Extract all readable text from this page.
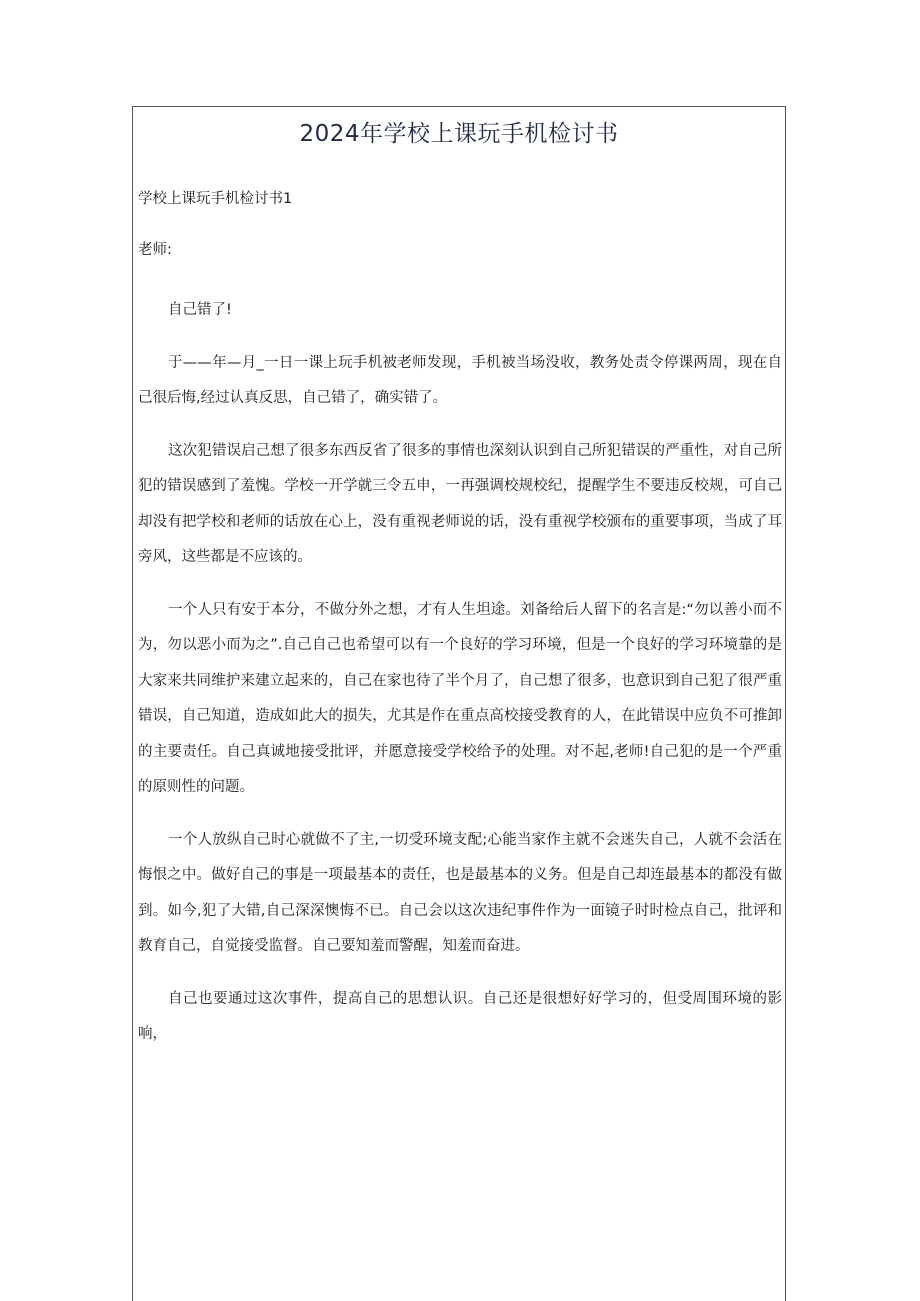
2024年学校上课玩手机检讨书

学校上课玩手机检讨书1

老师:

自己错了!

于——年—月_一日一课上玩手机被老师发现，手机被当场没收，教务处责令停课两周，现在自己很后悔,经过认真反思，自己错了，确实错了。

这次犯错误启己想了很多东西反省了很多的事情也深刻认识到自己所犯错误的严重性，对自己所犯的错误感到了羞愧。学校一开学就三令五申，一再强调校规校纪，提醒学生不要违反校规，可自己却没有把学校和老师的话放在心上，没有重视老师说的话，没有重视学校颁布的重要事项，当成了耳旁风，这些都是不应该的。

一个人只有安于本分，不做分外之想，才有人生坦途。刘备给后人留下的名言是:“勿以善小而不为，勿以恶小而为之”.自己自己也希望可以有一个良好的学习环境，但是一个良好的学习环境靠的是大家来共同维护来建立起来的，自己在家也待了半个月了，自己想了很多，也意识到自己犯了很严重错误，自己知道，造成如此大的损失，尤其是作在重点高校接受教育的人，在此错误中应负不可推卸的主要责任。自己真诚地接受批评，并愿意接受学校给予的处理。对不起,老师!自己犯的是一个严重的原则性的问题。

一个人放纵自己时心就做不了主,一切受环境支配;心能当家作主就不会迷失自己，人就不会活在悔恨之中。做好自己的事是一项最基本的责任，也是最基本的义务。但是自己却连最基本的都没有做到。如今,犯了大错,自己深深懊悔不已。自己会以这次违纪事件作为一面镜子时时检点自己，批评和教育自己，自觉接受监督。自己要知羞而警醒，知羞而奋进。

自己也要通过这次事件，提高自己的思想认识。自己还是很想好好学习的，但受周围环境的影响，
